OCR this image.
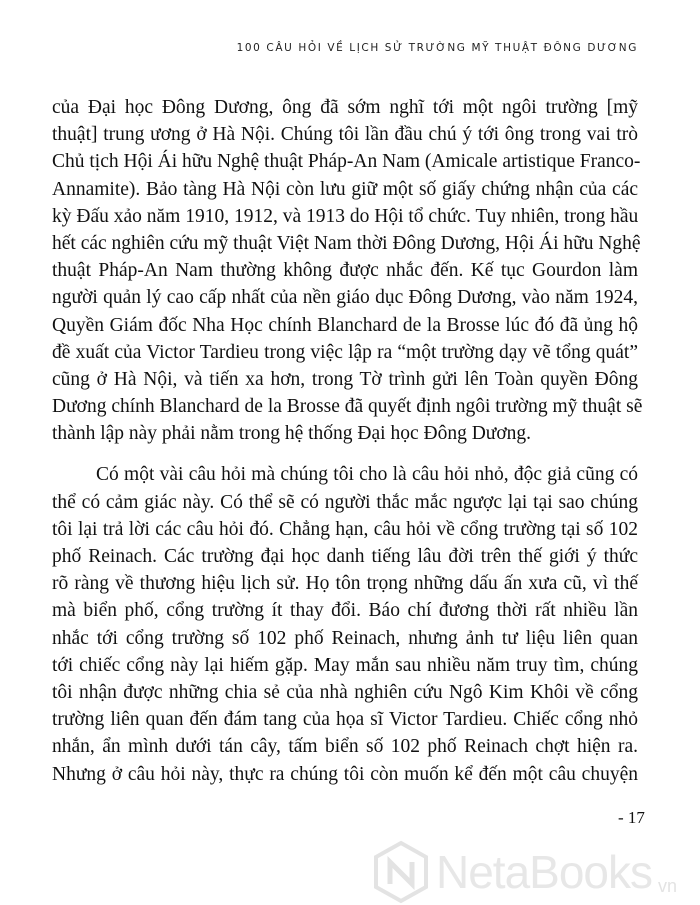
100 CÂU HỎI VỀ LỊCH SỬ TRƯỜNG MỸ THUẬT ĐÔNG DƯƠNG
của Đại học Đông Dương, ông đã sớm nghĩ tới một ngôi trường [mỹ
thuật] trung ương ở Hà Nội. Chúng tôi lần đầu chú ý tới ông trong vai trò
Chủ tịch Hội Ái hữu Nghệ thuật Pháp-An Nam (Amicale artistique Franco-
Annamite). Bảo tàng Hà Nội còn lưu giữ một số giấy chứng nhận của các
kỳ Đấu xảo năm 1910, 1912, và 1913 do Hội tổ chức. Tuy nhiên, trong hầu
hết các nghiên cứu mỹ thuật Việt Nam thời Đông Dương, Hội Ái hữu Nghệ
thuật Pháp-An Nam thường không được nhắc đến. Kế tục Gourdon làm
người quản lý cao cấp nhất của nền giáo dục Đông Dương, vào năm 1924,
Quyền Giám đốc Nha Học chính Blanchard de la Brosse lúc đó đã ủng hộ
đề xuất của Victor Tardieu trong việc lập ra “một trường dạy vẽ tổng quát”
cũng ở Hà Nội, và tiến xa hơn, trong Tờ trình gửi lên Toàn quyền Đông
Dương chính Blanchard de la Brosse đã quyết định ngôi trường mỹ thuật sẽ
thành lập này phải nằm trong hệ thống Đại học Đông Dương.
Có một vài câu hỏi mà chúng tôi cho là câu hỏi nhỏ, độc giả cũng có
thể có cảm giác này. Có thể sẽ có người thắc mắc ngược lại tại sao chúng
tôi lại trả lời các câu hỏi đó. Chẳng hạn, câu hỏi về cổng trường tại số 102
phố Reinach. Các trường đại học danh tiếng lâu đời trên thế giới ý thức
rõ ràng về thương hiệu lịch sử. Họ tôn trọng những dấu ấn xưa cũ, vì thế
mà biển phố, cổng trường ít thay đổi. Báo chí đương thời rất nhiều lần
nhắc tới cổng trường số 102 phố Reinach, nhưng ảnh tư liệu liên quan
tới chiếc cổng này lại hiếm gặp. May mắn sau nhiều năm truy tìm, chúng
tôi nhận được những chia sẻ của nhà nghiên cứu Ngô Kim Khôi về cổng
trường liên quan đến đám tang của họa sĩ Victor Tardieu. Chiếc cổng nhỏ
nhắn, ẩn mình dưới tán cây, tấm biển số 102 phố Reinach chợt hiện ra.
Nhưng ở câu hỏi này, thực ra chúng tôi còn muốn kể đến một câu chuyện
- 17
NetaBooks vn
